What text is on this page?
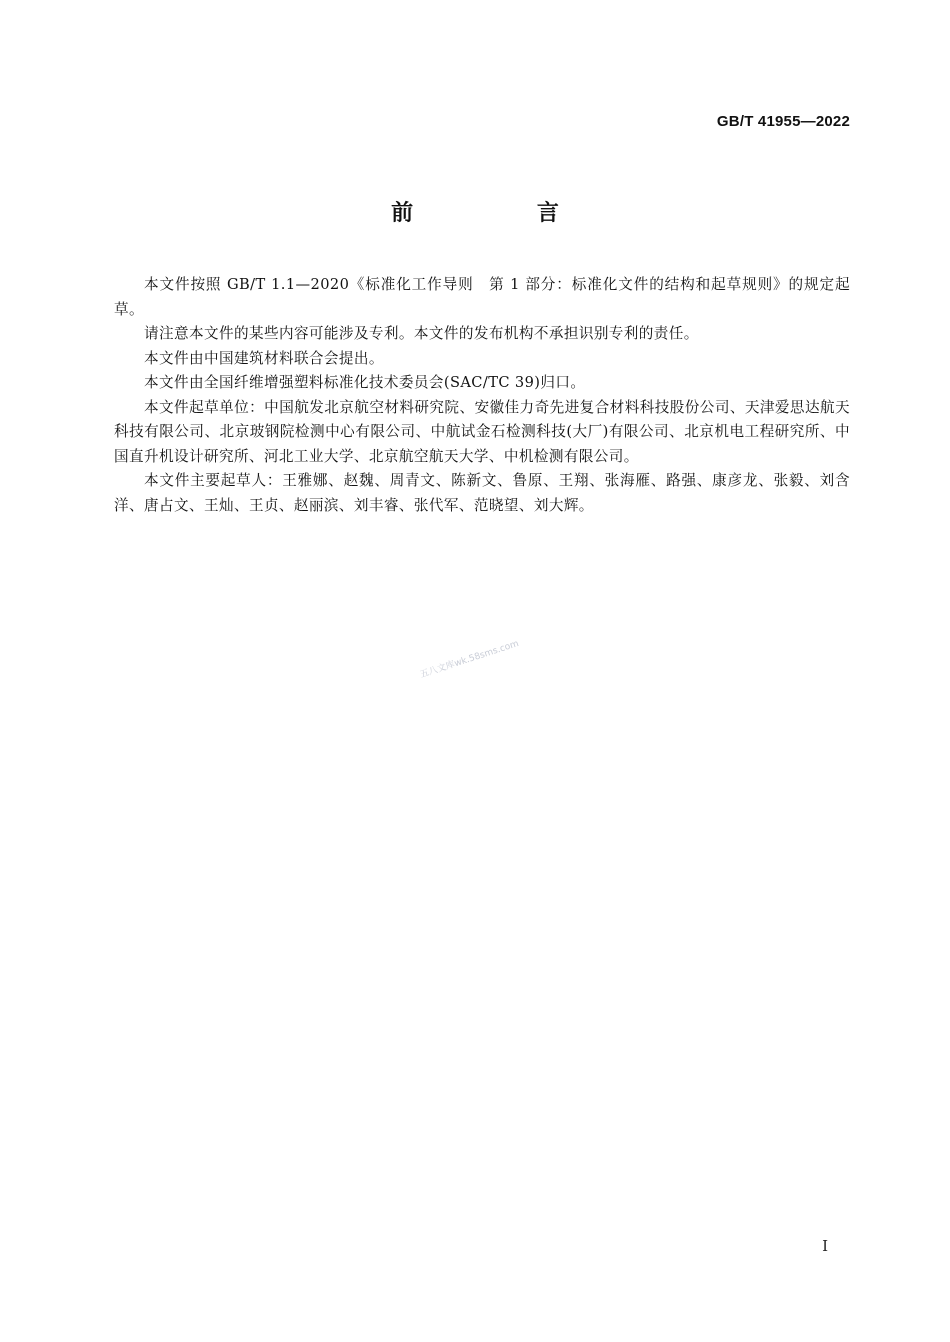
GB/T 41955—2022
前 言

本文件按照 GB/T 1.1—2020《标准化工作导则　第 1 部分：标准化文件的结构和起草规则》的规定起草。

请注意本文件的某些内容可能涉及专利。本文件的发布机构不承担识别专利的责任。

本文件由中国建筑材料联合会提出。

本文件由全国纤维增强塑料标准化技术委员会(SAC/TC 39)归口。

本文件起草单位：中国航发北京航空材料研究院、安徽佳力奇先进复合材料科技股份公司、天津爱思达航天科技有限公司、北京玻钢院检测中心有限公司、中航试金石检测科技(大厂)有限公司、北京机电工程研究所、中国直升机设计研究所、河北工业大学、北京航空航天大学、中机检测有限公司。

本文件主要起草人：王雅娜、赵魏、周青文、陈新文、鲁原、王翔、张海雁、路强、康彦龙、张毅、刘含洋、唐占文、王灿、王贞、赵丽滨、刘丰睿、张代军、范晓望、刘大辉。

五八文库wk.58sms.com
I
